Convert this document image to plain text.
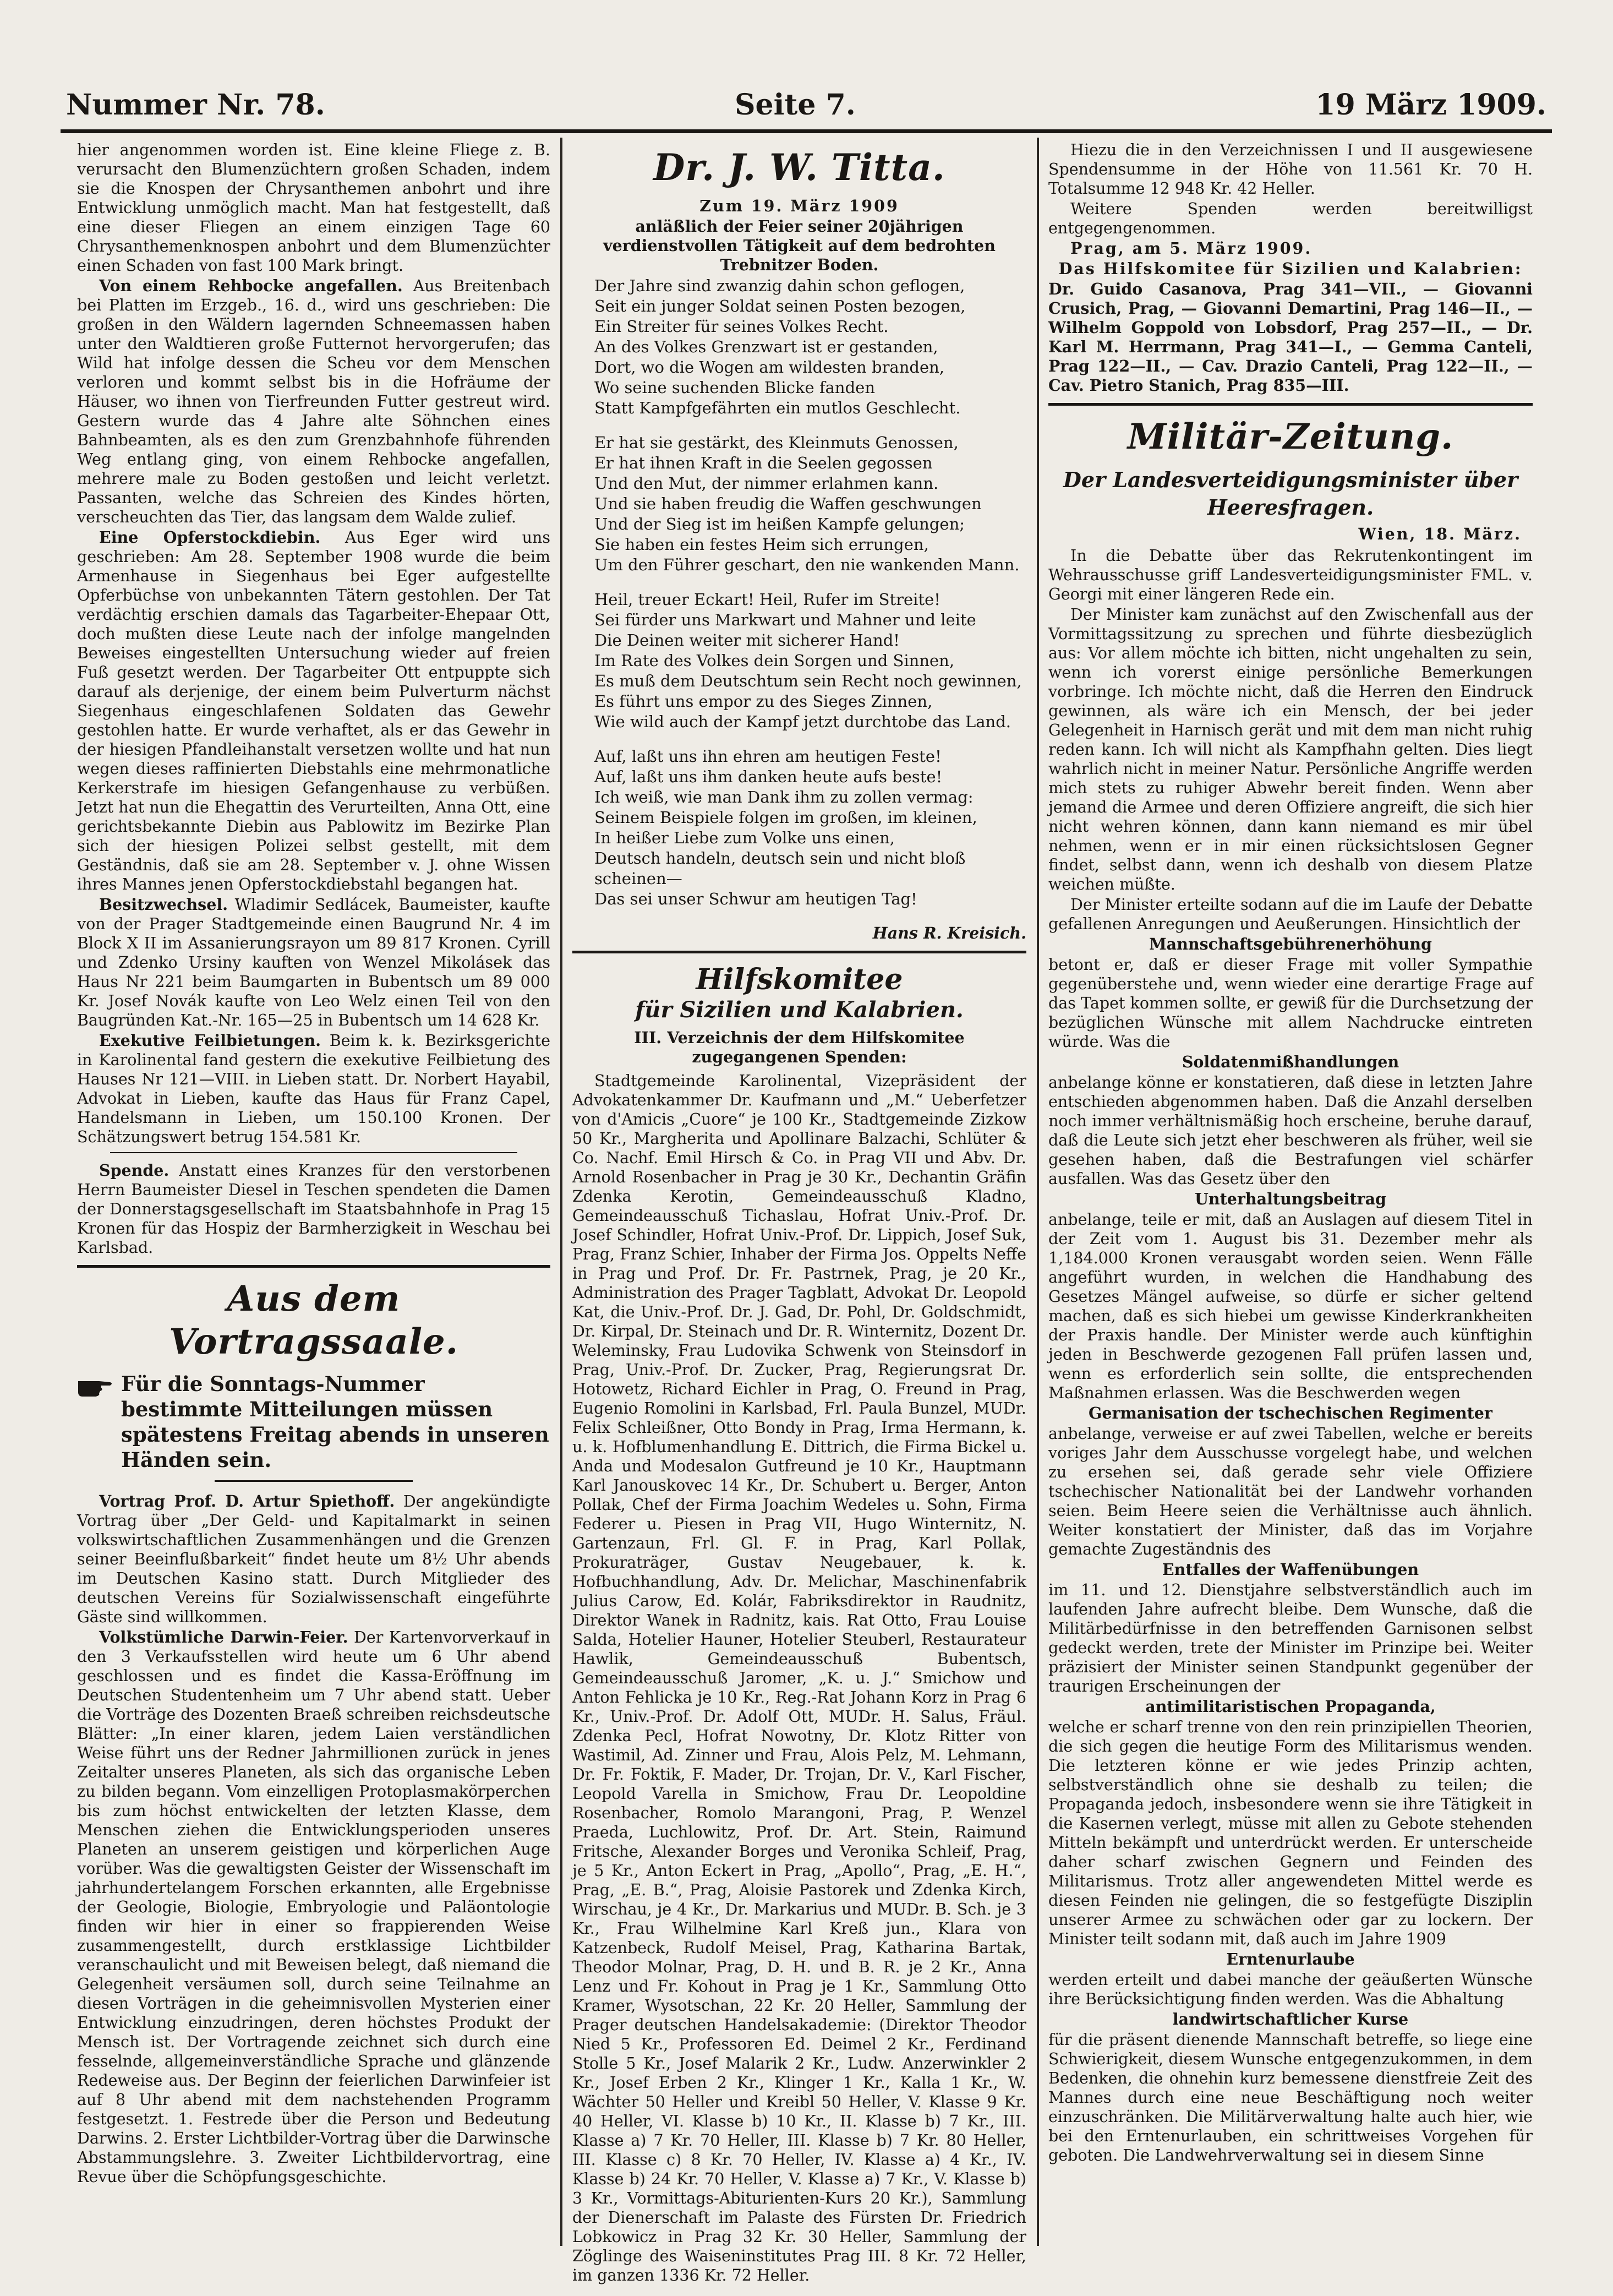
Nummer Nr. 78.	Seite 7.	19 März 1909.

hier angenommen worden ist. Eine kleine Fliege z. B. verursacht den Blumenzüchtern großen Schaden, indem sie die Knospen der Chrysanthemen anbohrt und ihre Entwicklung unmöglich macht. Man hat festgestellt, daß eine dieser Fliegen an einem einzigen Tage 60 Chrysanthemenknospen anbohrt und dem Blumenzüchter einen Schaden von fast 100 Mark bringt.

Von einem Rehbocke angefallen. Aus Breitenbach bei Platten im Erzgeb., 16. d., wird uns geschrieben: Die großen in den Wäldern lagernden Schneemassen haben unter den Waldtieren große Futternot hervorgerufen; das Wild hat infolge dessen die Scheu vor dem Menschen verloren und kommt selbst bis in die Hofräume der Häuser, wo ihnen von Tierfreunden Futter gestreut wird. Gestern wurde das 4 Jahre alte Söhnchen eines Bahnbeamten, als es den zum Grenzbahnhofe führenden Weg entlang ging, von einem Rehbocke angefallen, mehrere male zu Boden gestoßen und leicht verletzt. Passanten, welche das Schreien des Kindes hörten, verscheuchten das Tier, das langsam dem Walde zulief.

Eine Opferstockdiebin. Aus Eger wird uns geschrieben: Am 28. September 1908 wurde die beim Armenhause in Siegenhaus bei Eger aufgestellte Opferbüchse von unbekannten Tätern gestohlen. Der Tat verdächtig erschien damals das Tagarbeiter-Ehepaar Ott, doch mußten diese Leute nach der infolge mangelnden Beweises eingestellten Untersuchung wieder auf freien Fuß gesetzt werden. Der Tagarbeiter Ott entpuppte sich darauf als derjenige, der einem beim Pulverturm nächst Siegenhaus eingeschlafenen Soldaten das Gewehr gestohlen hatte. Er wurde verhaftet, als er das Gewehr in der hiesigen Pfandleihanstalt versetzen wollte und hat nun wegen dieses raffinierten Diebstahls eine mehrmonatliche Kerkerstrafe im hiesigen Gefangenhause zu verbüßen. Jetzt hat nun die Ehegattin des Verurteilten, Anna Ott, eine gerichtsbekannte Diebin aus Pablowitz im Bezirke Plan sich der hiesigen Polizei selbst gestellt, mit dem Geständnis, daß sie am 28. September v. J. ohne Wissen ihres Mannes jenen Opferstockdiebstahl begangen hat.

Besitzwechsel. Wladimir Sedlácek, Baumeister, kaufte von der Prager Stadtgemeinde einen Baugrund Nr. 4 im Block X II im Assanierungsrayon um 89 817 Kronen. Cyrill und Zdenko Ursiny kauften von Wenzel Mikolásek das Haus Nr 221 beim Baumgarten in Bubentsch um 89 000 Kr. Josef Novák kaufte von Leo Welz einen Teil von den Baugründen Kat.-Nr. 165—25 in Bubentsch um 14 628 Kr.

Exekutive Feilbietungen. Beim k. k. Bezirksgerichte in Karolinental fand gestern die exekutive Feilbietung des Hauses Nr 121—VIII. in Lieben statt. Dr. Norbert Hayabil, Advokat in Lieben, kaufte das Haus für Franz Capel, Handelsmann in Lieben, um 150.100 Kronen. Der Schätzungswert betrug 154.581 Kr.

Spende. Anstatt eines Kranzes für den verstorbenen Herrn Baumeister Diesel in Teschen spendeten die Damen der Donnerstagsgesellschaft im Staatsbahnhofe in Prag 15 Kronen für das Hospiz der Barmherzigkeit in Weschau bei Karlsbad.

Aus dem Vortragssaale.
Für die Sonntags-Nummer bestimmte Mitteilungen müssen spätestens Freitag abends in unseren Händen sein.

Vortrag Prof. D. Artur Spiethoff. Der angekündigte Vortrag über „Der Geld- und Kapitalmarkt in seinen volkswirtschaftlichen Zusammenhängen und die Grenzen seiner Beeinflußbarkeit“ findet heute um 8½ Uhr abends im Deutschen Kasino statt. Durch Mitglieder des deutschen Vereins für Sozialwissenschaft eingeführte Gäste sind willkommen.

Volkstümliche Darwin-Feier. Der Kartenvorverkauf in den 3 Verkaufsstellen wird heute um 6 Uhr abend geschlossen und es findet die Kassa-Eröffnung im Deutschen Studentenheim um 7 Uhr abend statt. Ueber die Vorträge des Dozenten Braeß schreiben reichsdeutsche Blätter: „In einer klaren, jedem Laien verständlichen Weise führt uns der Redner Jahrmillionen zurück in jenes Zeitalter unseres Planeten, als sich das organische Leben zu bilden begann. Vom einzelligen Protoplasmakörperchen bis zum höchst entwickelten der letzten Klasse, dem Menschen ziehen die Entwicklungsperioden unseres Planeten an unserem geistigen und körperlichen Auge vorüber. Was die gewaltigsten Geister der Wissenschaft im jahrhundertelangem Forschen erkannten, alle Ergebnisse der Geologie, Biologie, Embryologie und Paläontologie finden wir hier in einer so frappierenden Weise zusammengestellt, durch erstklassige Lichtbilder veranschaulicht und mit Beweisen belegt, daß niemand die Gelegenheit versäumen soll, durch seine Teilnahme an diesen Vorträgen in die geheimnisvollen Mysterien einer Entwicklung einzudringen, deren höchstes Produkt der Mensch ist. Der Vortragende zeichnet sich durch eine fesselnde, allgemeinverständliche Sprache und glänzende Redeweise aus. Der Beginn der feierlichen Darwinfeier ist auf 8 Uhr abend mit dem nachstehenden Programm festgesetzt. 1. Festrede über die Person und Bedeutung Darwins. 2. Erster Lichtbilder-Vortrag über die Darwinsche Abstammungslehre. 3. Zweiter Lichtbildervortrag, eine Revue über die Schöpfungsgeschichte.

Dr. J. W. Titta.

Zum 19. März 1909

anläßlich der Feier seiner 20jährigen verdienstvollen Tätigkeit auf dem bedrohten Trebnitzer Boden.

Der Jahre sind zwanzig dahin schon geflogen,
Seit ein junger Soldat seinen Posten bezogen,
Ein Streiter für seines Volkes Recht.
An des Volkes Grenzwart ist er gestanden,
Dort, wo die Wogen am wildesten branden,
Wo seine suchenden Blicke fanden
Statt Kampfgefährten ein mutlos Geschlecht.
Er hat sie gestärkt, des Kleinmuts Genossen,
Er hat ihnen Kraft in die Seelen gegossen
Und den Mut, der nimmer erlahmen kann.
Und sie haben freudig die Waffen geschwungen
Und der Sieg ist im heißen Kampfe gelungen;
Sie haben ein festes Heim sich errungen,
Um den Führer geschart, den nie wankenden Mann.
Heil, treuer Eckart! Heil, Rufer im Streite!
Sei fürder uns Markwart und Mahner und leite
Die Deinen weiter mit sicherer Hand!
Im Rate des Volkes dein Sorgen und Sinnen,
Es muß dem Deutschtum sein Recht noch gewinnen,
Es führt uns empor zu des Sieges Zinnen,
Wie wild auch der Kampf jetzt durchtobe das Land.
Auf, laßt uns ihn ehren am heutigen Feste!
Auf, laßt uns ihm danken heute aufs beste!
Ich weiß, wie man Dank ihm zu zollen vermag:
Seinem Beispiele folgen im großen, im kleinen,
In heißer Liebe zum Volke uns einen,
Deutsch handeln, deutsch sein und nicht bloß scheinen—
Das sei unser Schwur am heutigen Tag!

Hans R. Kreisich.

Hilfskomitee
für Sizilien und Kalabrien.

III. Verzeichnis der dem Hilfskomitee zugegangenen Spenden:

Stadtgemeinde Karolinental, Vizepräsident der Advokatenkammer Dr. Kaufmann und „M.“ Ueberfetzer von d'Amicis „Cuore“ je 100 Kr., Stadtgemeinde Zizkow 50 Kr., Margherita und Apollinare Balzachi, Schlüter & Co. Nachf. Emil Hirsch & Co. in Prag VII und Abv. Dr. Arnold Rosenbacher in Prag je 30 Kr., Dechantin Gräfin Zdenka Kerotin, Gemeindeausschuß Kladno, Gemeindeausschuß Tichaslau, Hofrat Univ.-Prof. Dr. Josef Schindler, Hofrat Univ.-Prof. Dr. Lippich, Josef Suk, Prag, Franz Schier, Inhaber der Firma Jos. Oppelts Neffe in Prag und Prof. Dr. Fr. Pastrnek, Prag, je 20 Kr., Administration des Prager Tagblatt, Advokat Dr. Leopold Kat, die Univ.-Prof. Dr. J. Gad, Dr. Pohl, Dr. Goldschmidt, Dr. Kirpal, Dr. Steinach und Dr. R. Winternitz, Dozent Dr. Weleminsky, Frau Ludovika Schwenk von Steinsdorf in Prag, Univ.-Prof. Dr. Zucker, Prag, Regierungsrat Dr. Hotowetz, Richard Eichler in Prag, O. Freund in Prag, Eugenio Romolini in Karlsbad, Frl. Paula Bunzel, MUDr. Felix Schleißner, Otto Bondy in Prag, Irma Hermann, k. u. k. Hofblumenhandlung E. Dittrich, die Firma Bickel u. Anda und Modesalon Gutfreund je 10 Kr., Hauptmann Karl Janouskovec 14 Kr., Dr. Schubert u. Berger, Anton Pollak, Chef der Firma Joachim Wedeles u. Sohn, Firma Federer u. Piesen in Prag VII, Hugo Winternitz, N. Gartenzaun, Frl. Gl. F. in Prag, Karl Pollak, Prokuraträger, Gustav Neugebauer, k. k. Hofbuchhandlung, Adv. Dr. Melichar, Maschinenfabrik Julius Carow, Ed. Kolár, Fabriksdirektor in Raudnitz, Direktor Wanek in Radnitz, kais. Rat Otto, Frau Louise Salda, Hotelier Hauner, Hotelier Steuberl, Restaurateur Hawlik, Gemeindeausschuß Bubentsch, Gemeindeausschuß Jaromer, „K. u. J.“ Smichow und Anton Fehlicka je 10 Kr., Reg.-Rat Johann Korz in Prag 6 Kr., Univ.-Prof. Dr. Adolf Ott, MUDr. H. Salus, Fräul. Zdenka Pecl, Hofrat Nowotny, Dr. Klotz Ritter von Wastimil, Ad. Zinner und Frau, Alois Pelz, M. Lehmann, Dr. Fr. Foktik, F. Mader, Dr. Trojan, Dr. V., Karl Fischer, Leopold Varella in Smichow, Frau Dr. Leopoldine Rosenbacher, Romolo Marangoni, Prag, P. Wenzel Praeda, Luchlowitz, Prof. Dr. Art. Stein, Raimund Fritsche, Alexander Borges und Veronika Schleif, Prag, je 5 Kr., Anton Eckert in Prag, „Apollo“, Prag, „E. H.“, Prag, „E. B.“, Prag, Aloisie Pastorek und Zdenka Kirch, Wirschau, je 4 Kr., Dr. Markarius und MUDr. B. Sch. je 3 Kr., Frau Wilhelmine Karl Kreß jun., Klara von Katzenbeck, Rudolf Meisel, Prag, Katharina Bartak, Theodor Molnar, Prag, D. H. und B. R. je 2 Kr., Anna Lenz und Fr. Kohout in Prag je 1 Kr., Sammlung Otto Kramer, Wysotschan, 22 Kr. 20 Heller, Sammlung der Prager deutschen Handelsakademie: (Direktor Theodor Nied 5 Kr., Professoren Ed. Deimel 2 Kr., Ferdinand Stolle 5 Kr., Josef Malarik 2 Kr., Ludw. Anzerwinkler 2 Kr., Josef Erben 2 Kr., Klinger 1 Kr., Kalla 1 Kr., W. Wächter 50 Heller und Kreibl 50 Heller, V. Klasse 9 Kr. 40 Heller, VI. Klasse b) 10 Kr., II. Klasse b) 7 Kr., III. Klasse a) 7 Kr. 70 Heller, III. Klasse b) 7 Kr. 80 Heller, III. Klasse c) 8 Kr. 70 Heller, IV. Klasse a) 4 Kr., IV. Klasse b) 24 Kr. 70 Heller, V. Klasse a) 7 Kr., V. Klasse b) 3 Kr., Vormittags-Abiturienten-Kurs 20 Kr.), Sammlung der Dienerschaft im Palaste des Fürsten Dr. Friedrich Lobkowicz in Prag 32 Kr. 30 Heller, Sammlung der Zöglinge des Waiseninstitutes Prag III. 8 Kr. 72 Heller, im ganzen 1336 Kr. 72 Heller.

Hiezu die in den Verzeichnissen I und II ausgewiesene Spendensumme in der Höhe von 11.561 Kr. 70 H. Totalsumme 12 948 Kr. 42 Heller.

Weitere Spenden werden bereitwilligst entgegengenommen.

Prag, am 5. März 1909.

Das Hilfskomitee für Sizilien und Kalabrien:

Dr. Guido Casanova, Prag 341—VII., — Giovanni Crusich, Prag, — Giovanni Demartini, Prag 146—II., — Wilhelm Goppold von Lobsdorf, Prag 257—II., — Dr. Karl M. Herrmann, Prag 341—I., — Gemma Canteli, Prag 122—II., — Cav. Drazio Canteli, Prag 122—II., — Cav. Pietro Stanich, Prag 835—III.

Militär-Zeitung.
Der Landesverteidigungsminister über
Heeresfragen.

Wien, 18. März.

In die Debatte über das Rekrutenkontingent im Wehrausschusse griff Landesverteidigungsminister FML. v. Georgi mit einer längeren Rede ein.

Der Minister kam zunächst auf den Zwischenfall aus der Vormittagssitzung zu sprechen und führte diesbezüglich aus: Vor allem möchte ich bitten, nicht ungehalten zu sein, wenn ich vorerst einige persönliche Bemerkungen vorbringe. Ich möchte nicht, daß die Herren den Eindruck gewinnen, als wäre ich ein Mensch, der bei jeder Gelegenheit in Harnisch gerät und mit dem man nicht ruhig reden kann. Ich will nicht als Kampfhahn gelten. Dies liegt wahrlich nicht in meiner Natur. Persönliche Angriffe werden mich stets zu ruhiger Abwehr bereit finden. Wenn aber jemand die Armee und deren Offiziere angreift, die sich hier nicht wehren können, dann kann niemand es mir übel nehmen, wenn er in mir einen rücksichtslosen Gegner findet, selbst dann, wenn ich deshalb von diesem Platze weichen müßte.

Der Minister erteilte sodann auf die im Laufe der Debatte gefallenen Anregungen und Aeußerungen. Hinsichtlich der

Mannschaftsgebührenerhöhung

betont er, daß er dieser Frage mit voller Sympathie gegenüberstehe und, wenn wieder eine derartige Frage auf das Tapet kommen sollte, er gewiß für die Durchsetzung der bezüglichen Wünsche mit allem Nachdrucke eintreten würde. Was die

Soldatenmißhandlungen

anbelange könne er konstatieren, daß diese in letzten Jahre entschieden abgenommen haben. Daß die Anzahl derselben noch immer verhältnismäßig hoch erscheine, beruhe darauf, daß die Leute sich jetzt eher beschweren als früher, weil sie gesehen haben, daß die Bestrafungen viel schärfer ausfallen. Was das Gesetz über den

Unterhaltungsbeitrag

anbelange, teile er mit, daß an Auslagen auf diesem Titel in der Zeit vom 1. August bis 31. Dezember mehr als 1,184.000 Kronen verausgabt worden seien. Wenn Fälle angeführt wurden, in welchen die Handhabung des Gesetzes Mängel aufweise, so dürfe er sicher geltend machen, daß es sich hiebei um gewisse Kinderkrankheiten der Praxis handle. Der Minister werde auch künftighin jeden in Beschwerde gezogenen Fall prüfen lassen und, wenn es erforderlich sein sollte, die entsprechenden Maßnahmen erlassen. Was die Beschwerden wegen

Germanisation der tschechischen Regimenter

anbelange, verweise er auf zwei Tabellen, welche er bereits voriges Jahr dem Ausschusse vorgelegt habe, und welchen zu ersehen sei, daß gerade sehr viele Offiziere tschechischer Nationalität bei der Landwehr vorhanden seien. Beim Heere seien die Verhältnisse auch ähnlich. Weiter konstatiert der Minister, daß das im Vorjahre gemachte Zugeständnis des

Entfalles der Waffenübungen

im 11. und 12. Dienstjahre selbstverständlich auch im laufenden Jahre aufrecht bleibe. Dem Wunsche, daß die Militärbedürfnisse in den betreffenden Garnisonen selbst gedeckt werden, trete der Minister im Prinzipe bei. Weiter präzisiert der Minister seinen Standpunkt gegenüber der traurigen Erscheinungen der

antimilitaristischen Propaganda,

welche er scharf trenne von den rein prinzipiellen Theorien, die sich gegen die heutige Form des Militarismus wenden. Die letzteren könne er wie jedes Prinzip achten, selbstverständlich ohne sie deshalb zu teilen; die Propaganda jedoch, insbesondere wenn sie ihre Tätigkeit in die Kasernen verlegt, müsse mit allen zu Gebote stehenden Mitteln bekämpft und unterdrückt werden. Er unterscheide daher scharf zwischen Gegnern und Feinden des Militarismus. Trotz aller angewendeten Mittel werde es diesen Feinden nie gelingen, die so festgefügte Disziplin unserer Armee zu schwächen oder gar zu lockern. Der Minister teilt sodann mit, daß auch im Jahre 1909

Erntenurlaube

werden erteilt und dabei manche der geäußerten Wünsche ihre Berücksichtigung finden werden. Was die Abhaltung

landwirtschaftlicher Kurse

für die präsent dienende Mannschaft betreffe, so liege eine Schwierigkeit, diesem Wunsche entgegenzukommen, in dem Bedenken, die ohnehin kurz bemessene dienstfreie Zeit des Mannes durch eine neue Beschäftigung noch weiter einzuschränken. Die Militärverwaltung halte auch hier, wie bei den Erntenurlauben, ein schrittweises Vorgehen für geboten. Die Landwehrverwaltung sei in diesem Sinne
